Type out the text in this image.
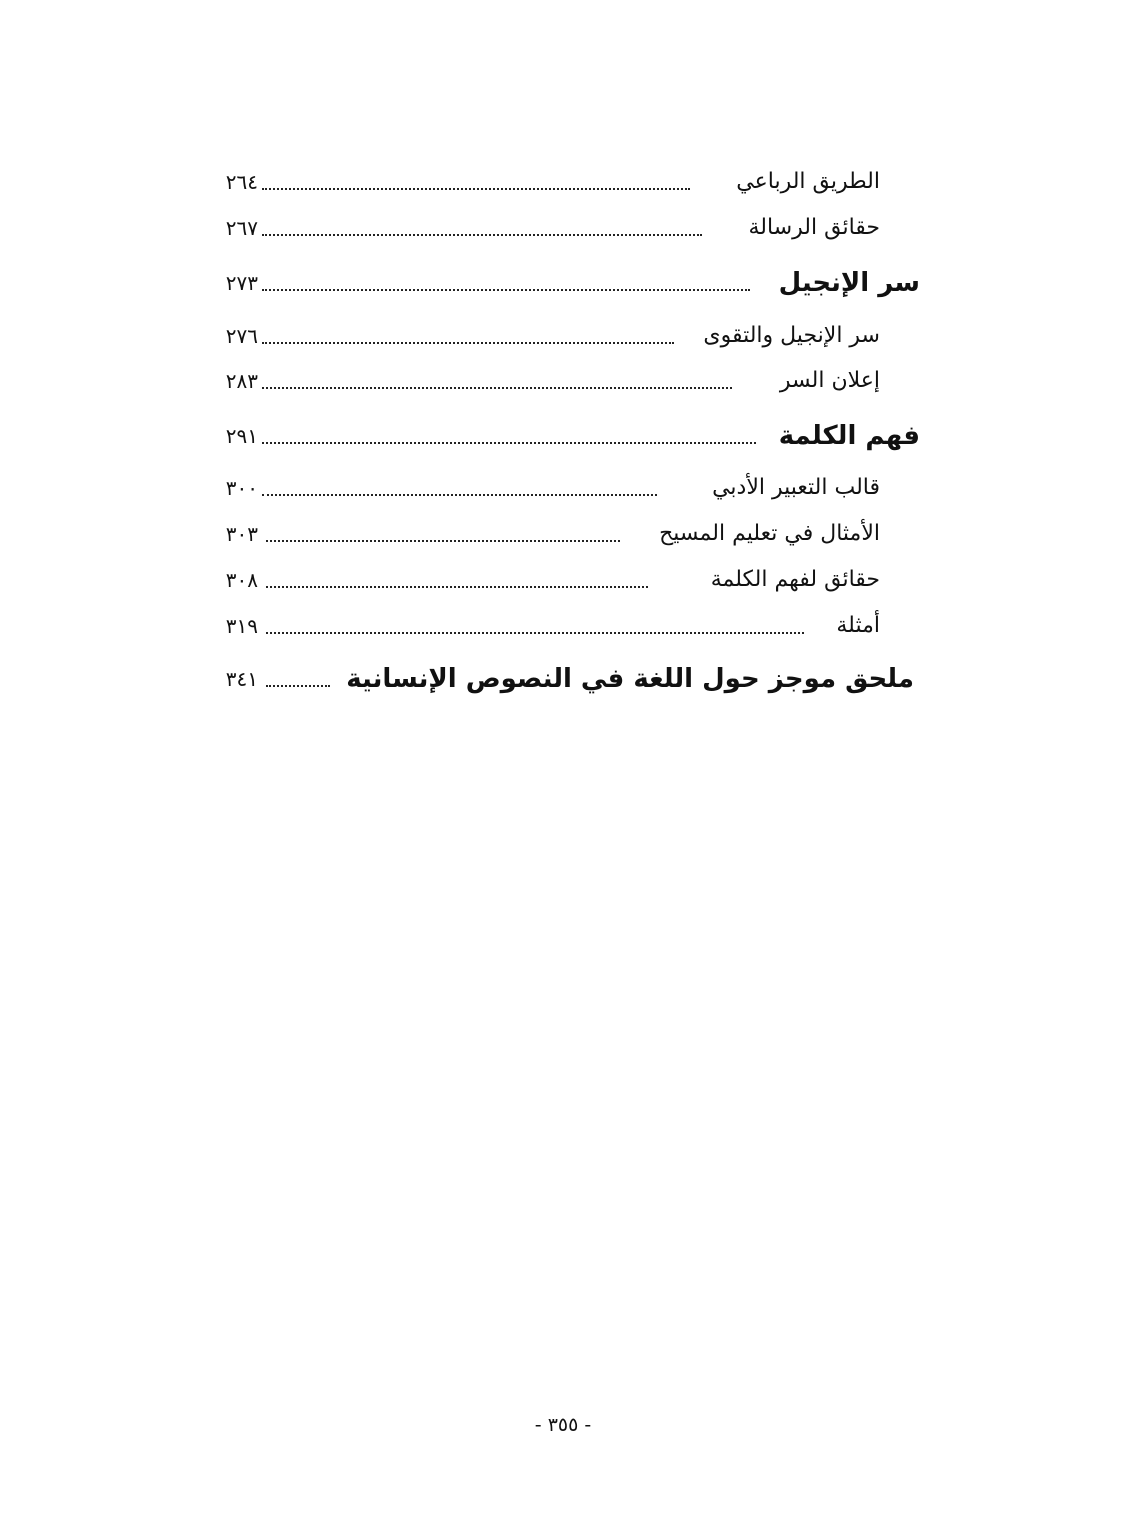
الطريق الرباعي
٢٦٤
حقائق الرسالة
٢٦٧
سر الإنجيل
٢٧٣
سر الإنجيل والتقوى
٢٧٦
إعلان السر
٢٨٣
فهم الكلمة
٢٩١
قالب التعبير الأدبي
٣٠٠
الأمثال في تعليم المسيح
٣٠٣
حقائق لفهم الكلمة
٣٠٨
أمثلة
٣١٩
ملحق موجز حول اللغة في النصوص الإنسانية
٣٤١
- ٣٥٥ -
